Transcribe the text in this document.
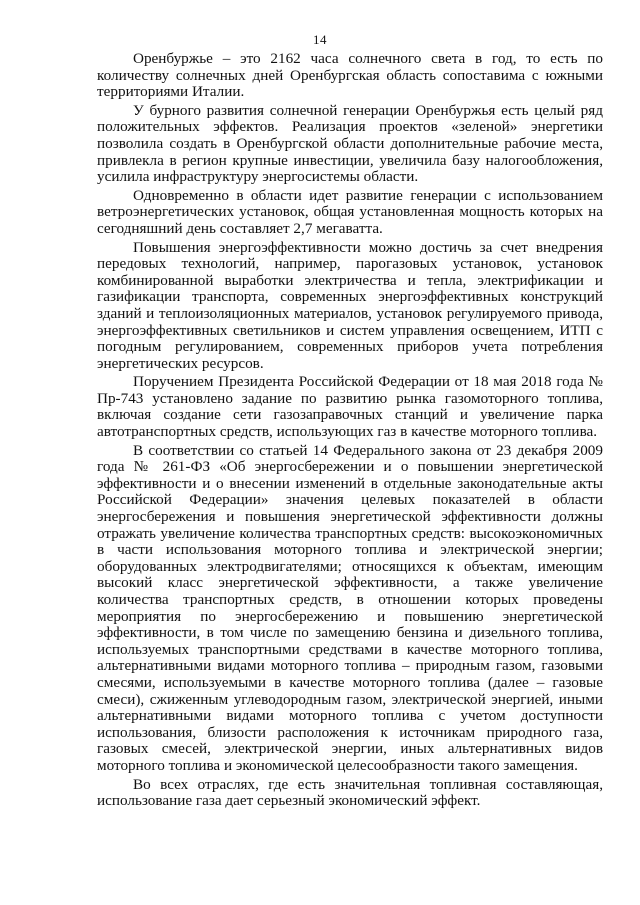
14

Оренбуржье – это 2162 часа солнечного света в год, то есть по количеству солнечных дней Оренбургская область сопоставима с южными территориями Италии.

У бурного развития солнечной генерации Оренбуржья есть целый ряд положительных эффектов. Реализация проектов «зеленой» энергетики позволила создать в Оренбургской области дополнительные рабочие места, привлекла в регион крупные инвестиции, увеличила базу налогообложения, усилила инфраструктуру энергосистемы области.

Одновременно в области идет развитие генерации с использованием ветроэнергетических установок, общая установленная мощность которых на сегодняшний день составляет 2,7 мегаватта.

Повышения энергоэффективности можно достичь за счет внедрения передовых технологий, например, парогазовых установок, установок комбинированной выработки электричества и тепла, электрификации и газификации транспорта, современных энергоэффективных конструкций зданий и теплоизоляционных материалов, установок регулируемого привода, энергоэффективных светильников и систем управления освещением, ИТП с погодным регулированием, современных приборов учета потребления энергетических ресурсов.

Поручением Президента Российской Федерации от 18 мая 2018 года № Пр-743 установлено задание по развитию рынка газомоторного топлива, включая создание сети газозаправочных станций и увеличение парка автотранспортных средств, использующих газ в качестве моторного топлива.

В соответствии со статьей 14 Федерального закона от 23 декабря 2009 года № 261-ФЗ «Об энергосбережении и о повышении энергетической эффективности и о внесении изменений в отдельные законодательные акты Российской Федерации» значения целевых показателей в области энергосбережения и повышения энергетической эффективности должны отражать увеличение количества транспортных средств: высокоэкономичных в части использования моторного топлива и электрической энергии; оборудованных электродвигателями; относящихся к объектам, имеющим высокий класс энергетической эффективности, а также увеличение количества транспортных средств, в отношении которых проведены мероприятия по энергосбережению и повышению энергетической эффективности, в том числе по замещению бензина и дизельного топлива, используемых транспортными средствами в качестве моторного топлива, альтернативными видами моторного топлива – природным газом, газовыми смесями, используемыми в качестве моторного топлива (далее – газовые смеси), сжиженным углеводородным газом, электрической энергией, иными альтернативными видами моторного топлива с учетом доступности использования, близости расположения к источникам природного газа, газовых смесей, электрической энергии, иных альтернативных видов моторного топлива и экономической целесообразности такого замещения.

Во всех отраслях, где есть значительная топливная составляющая, использование газа дает серьезный экономический эффект.
